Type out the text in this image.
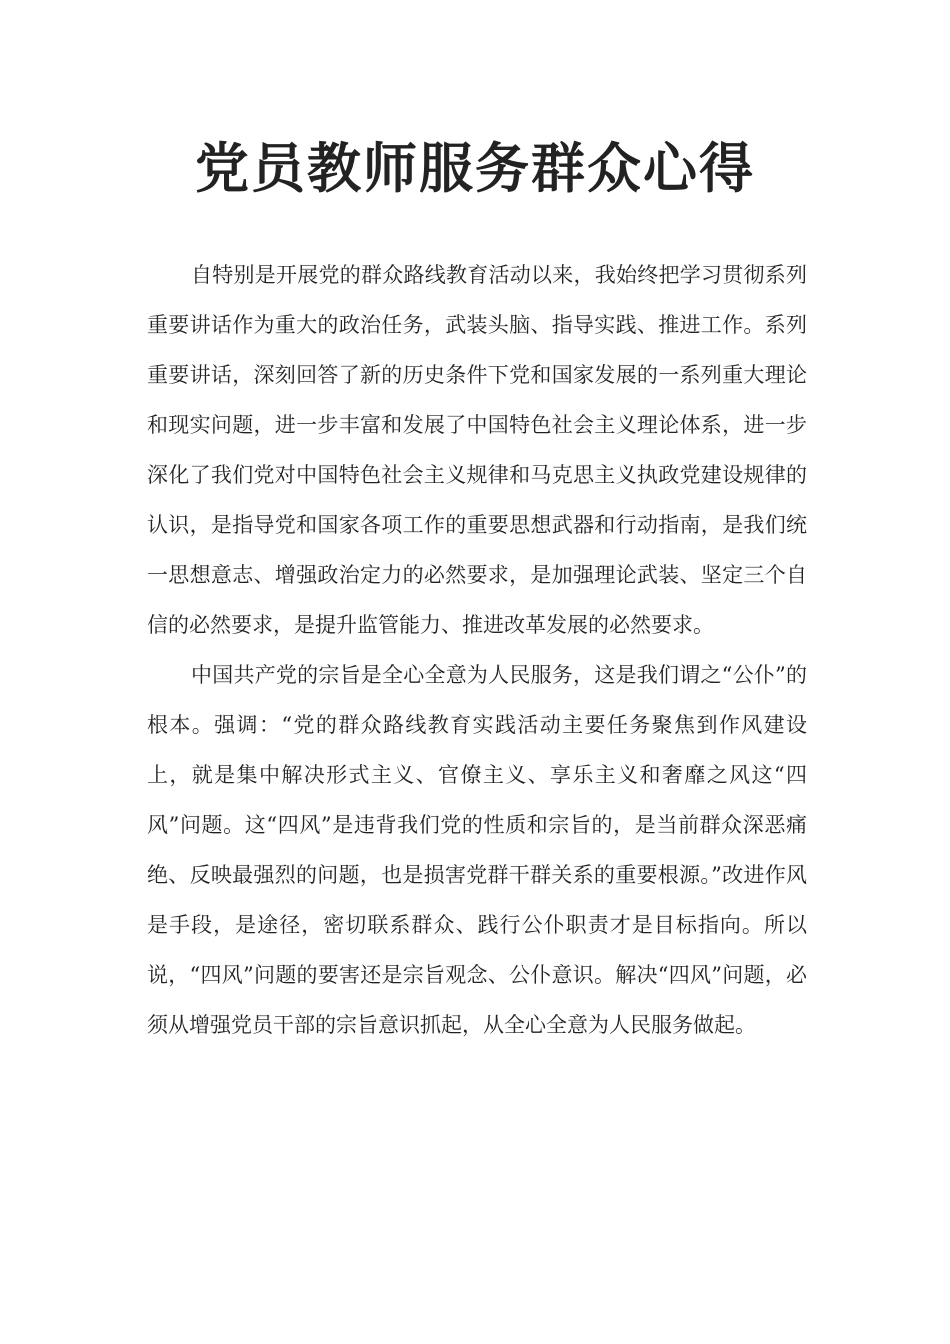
党员教师服务群众心得

自特别是开展党的群众路线教育活动以来，我始终把学习贯彻系列重要讲话作为重大的政治任务，武装头脑、指导实践、推进工作。系列重要讲话，深刻回答了新的历史条件下党和国家发展的一系列重大理论和现实问题，进一步丰富和发展了中国特色社会主义理论体系，进一步深化了我们党对中国特色社会主义规律和马克思主义执政党建设规律的认识，是指导党和国家各项工作的重要思想武器和行动指南，是我们统一思想意志、增强政治定力的必然要求，是加强理论武装、坚定三个自信的必然要求，是提升监管能力、推进改革发展的必然要求。

中国共产党的宗旨是全心全意为人民服务，这是我们谓之“公仆”的根本。强调：“党的群众路线教育实践活动主要任务聚焦到作风建设上，就是集中解决形式主义、官僚主义、享乐主义和奢靡之风这“四风”问题。这“四风”是违背我们党的性质和宗旨的，是当前群众深恶痛绝、反映最强烈的问题，也是损害党群干群关系的重要根源。”改进作风是手段，是途径，密切联系群众、践行公仆职责才是目标指向。所以说，“四风”问题的要害还是宗旨观念、公仆意识。解决“四风”问题，必须从增强党员干部的宗旨意识抓起，从全心全意为人民服务做起。
